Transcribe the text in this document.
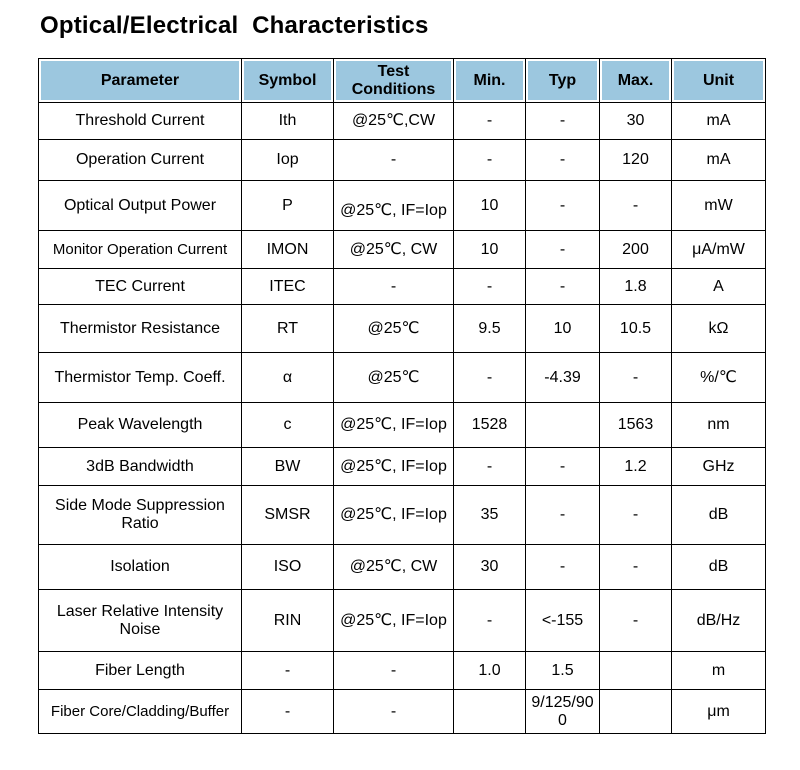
Optical/Electrical  Characteristics
Parameter	Symbol	Test Conditions	Min.	Typ	Max.	Unit
Threshold Current	Ith	@25℃,CW	-	-	30	mA
Operation Current	Iop	-	-	-	120	mA
Optical Output Power	P	@25℃, IF=Iop	10	-	-	mW
Monitor Operation Current	IMON	@25℃, CW	10	-	200	μA/mW
TEC Current	ITEC	-	-	-	1.8	A
Thermistor Resistance	RT	@25℃	9.5	10	10.5	kΩ
Thermistor Temp. Coeff.	α	@25℃	-	-4.39	-	%/℃
Peak Wavelength	c	@25℃, IF=Iop	1528		1563	nm
3dB Bandwidth	BW	@25℃, IF=Iop	-	-	1.2	GHz
Side Mode Suppression Ratio	SMSR	@25℃, IF=Iop	35	-	-	dB
Isolation	ISO	@25℃, CW	30	-	-	dB
Laser Relative Intensity Noise	RIN	@25℃, IF=Iop	-	<-155	-	dB/Hz
Fiber Length	-	-	1.0	1.5		m
Fiber Core/Cladding/Buffer	-	-		9/125/900		μm
